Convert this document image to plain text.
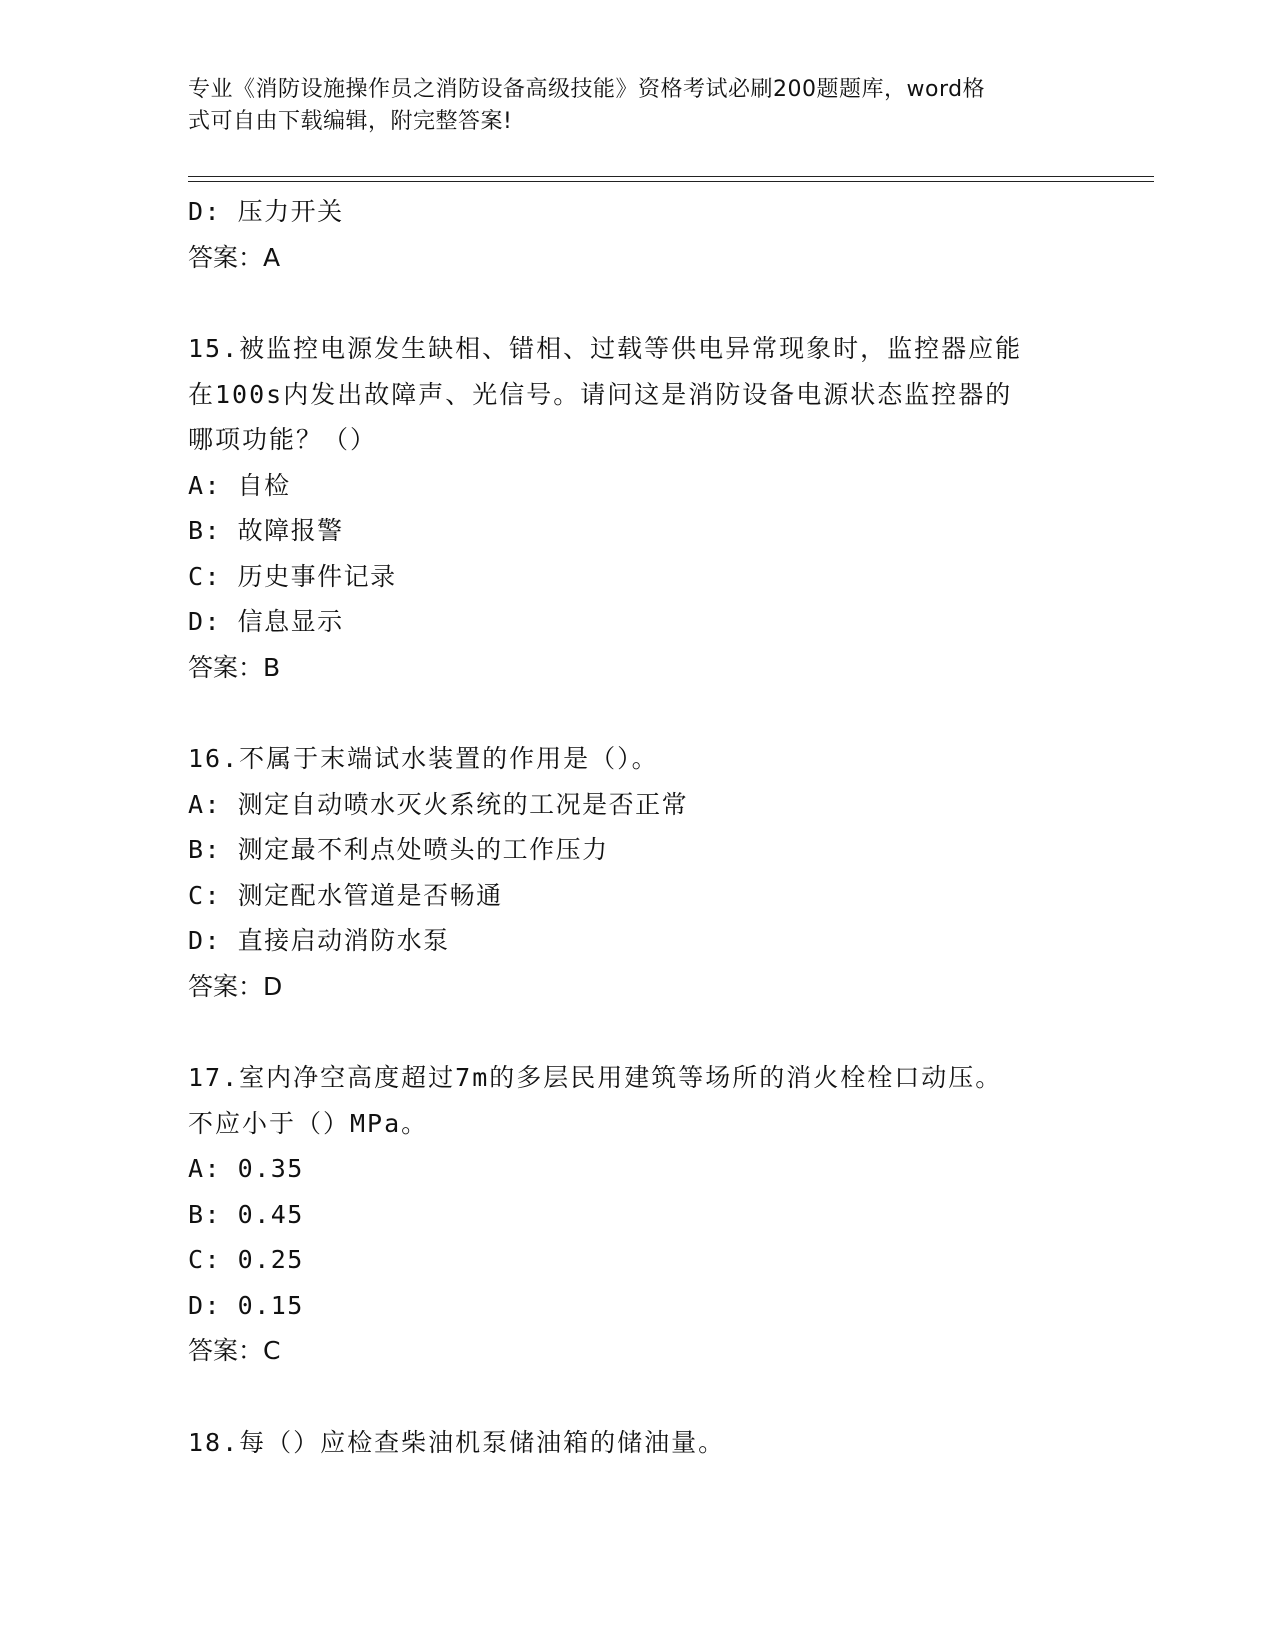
专业《消防设施操作员之消防设备高级技能》资格考试必刷200题题库，word格
式可自由下载编辑，附完整答案!
D: 压力开关
答案：A
15.被监控电源发生缺相、错相、过载等供电异常现象时，监控器应能
在100s内发出故障声、光信号。请问这是消防设备电源状态监控器的
哪项功能？（）
A: 自检
B: 故障报警
C: 历史事件记录
D: 信息显示
答案：B
16.不属于末端试水装置的作用是（）。
A: 测定自动喷水灭火系统的工况是否正常
B: 测定最不利点处喷头的工作压力
C: 测定配水管道是否畅通
D: 直接启动消防水泵
答案：D
17.室内净空高度超过7m的多层民用建筑等场所的消火栓栓口动压。
不应小于（）MPa。
A: 0.35
B: 0.45
C: 0.25
D: 0.15
答案：C
18.每（）应检查柴油机泵储油箱的储油量。
